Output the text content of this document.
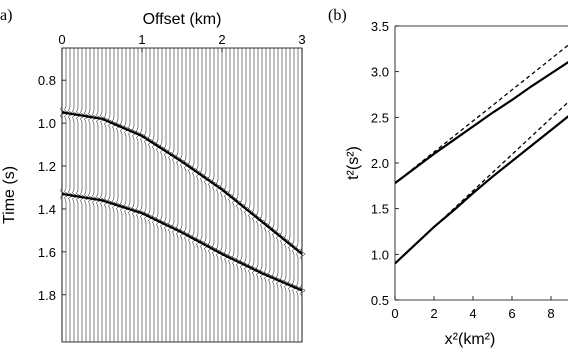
a)	(b)
0	1	2	3
0.8
1.0
1.2
1.4
1.6
1.8
Offset (km)
Time (s)
0 2 4 6 8
0.5
1.0
1.5
2.0
2.5
3.0
3.5
x²(km²)
t²(s²)
